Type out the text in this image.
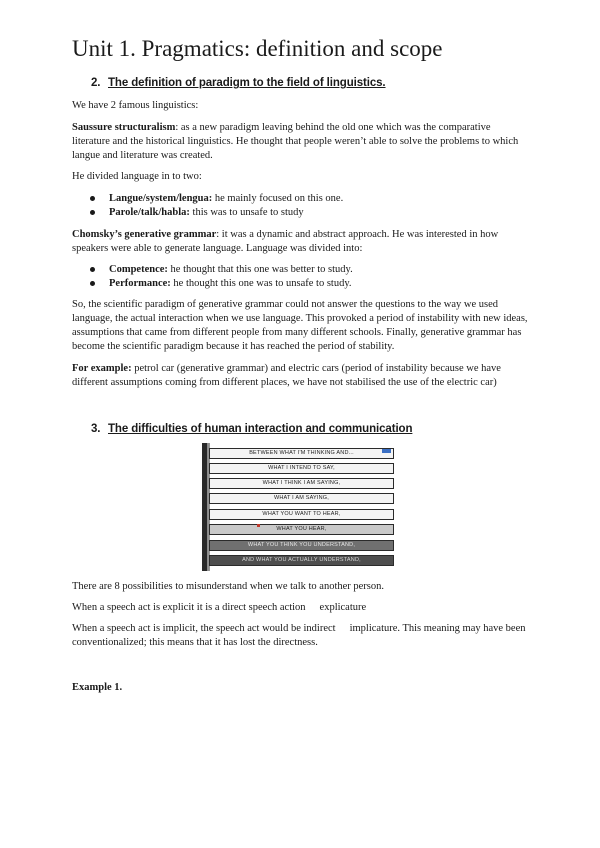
Unit 1. Pragmatics: definition and scope
2. The definition of paradigm to the field of linguistics.

We have 2 famous linguistics:

Saussure structuralism: as a new paradigm leaving behind the old one which was the comparative literature and the historical linguistics. He thought that people weren’t able to solve the problems to which langue and literature was created.

He divided language in to two:

Langue/system/lengua: he mainly focused on this one.
Parole/talk/habla: this was to unsafe to study

Chomsky’s generative grammar: it was a dynamic and abstract approach. He was interested in how speakers were able to generate language. Language was divided into:

Competence: he thought that this one was better to study.
Performance: he thought this one was to unsafe to study.

So, the scientific paradigm of generative grammar could not answer the questions to the way we used language, the actual interaction when we use language. This provoked a period of instability with new ideas, assumptions that came from different people from many different schools. Finally, generative grammar has become the scientific paradigm because it has reached the period of stability.

For example: petrol car (generative grammar) and electric cars (period of instability because we have different assumptions coming from different places, we have not stabilised the use of the electric car)

3. The difficulties of human interaction and communication
BETWEEN WHAT I'M THINKING AND...
WHAT I INTEND TO SAY,
WHAT I THINK I AM SAYING,
WHAT I AM SAYING,
WHAT YOU WANT TO HEAR,
WHAT YOU HEAR,
WHAT YOU THINK YOU UNDERSTAND,
AND WHAT YOU ACTUALLY UNDERSTAND,

There are 8 possibilities to misunderstand when we talk to another person.

When a speech act is explicit it is a direct speech action explicature

When a speech act is implicit, the speech act would be indirect implicature. This meaning may have been conventionalized; this means that it has lost the directness.

Example 1.
